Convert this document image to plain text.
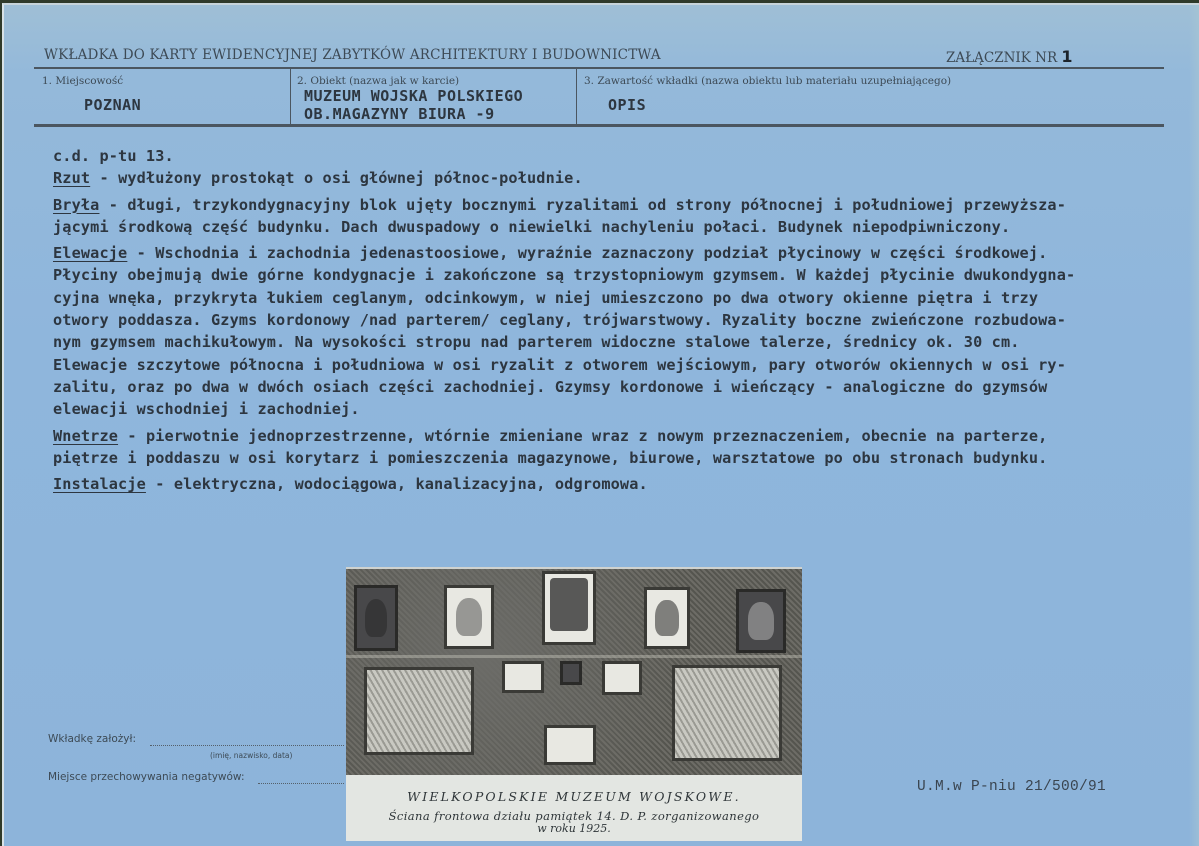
WKŁADKA DO KARTY EWIDENCYJNEJ ZABYTKÓW ARCHITEKTURY I BUDOWNICTWA	ZAŁĄCZNIK NR 1
1. Miejscowość
POZNAN
2. Obiekt (nazwa jak w karcie)
MUZEUM WOJSKA POLSKIEGO
OB.MAGAZYNY BIURA -9
3. Zawartość wkładki (nazwa obiektu lub materiału uzupełniającego)
OPIS

c.d. p-tu 13.

Rzut - wydłużony prostokąt o osi głównej północ-południe.

Bryła - długi, trzykondygnacyjny blok ujęty bocznymi ryzalitami od strony północnej i południowej przewyższa-

jącymi środkową część budynku. Dach dwuspadowy o niewielki nachyleniu połaci. Budynek niepodpiwniczony.

Elewacje - Wschodnia i zachodnia jedenastoosiowe, wyraźnie zaznaczony podział płycinowy w części środkowej.

Płyciny obejmują dwie górne kondygnacje i zakończone są trzystopniowym gzymsem. W każdej płycinie dwukondygna-

cyjna wnęka, przykryta łukiem ceglanym, odcinkowym, w niej umieszczono po dwa otwory okienne piętra i trzy

otwory poddasza. Gzyms kordonowy /nad parterem/ ceglany, trójwarstwowy. Ryzality boczne zwieńczone rozbudowa-

nym gzymsem machikułowym. Na wysokości stropu nad parterem widoczne stalowe talerze, średnicy ok. 30 cm.

Elewacje szczytowe północna i południowa w osi ryzalit z otworem wejściowym, pary otworów okiennych w osi ry-

zalitu, oraz po dwa w dwóch osiach części zachodniej. Gzymsy kordonowe i wieńczący - analogiczne do gzymsów

elewacji wschodniej i zachodniej.

Wnetrze - pierwotnie jednoprzestrzenne, wtórnie zmieniane wraz z nowym przeznaczeniem, obecnie na parterze,

piętrze i poddaszu w osi korytarz i pomieszczenia magazynowe, biurowe, warsztatowe po obu stronach budynku.

Instalacje - elektryczna, wodociągowa, kanalizacyjna, odgromowa.

WIELKOPOLSKIE MUZEUM WOJSKOWE.
Ściana frontowa działu pamiątek 14. D. P. zorganizowanego
w roku 1925.
Wkładkę założył:
(imię, nazwisko, data)
Miejsce przechowywania negatywów:
U.M.w P-niu 21/500/91
